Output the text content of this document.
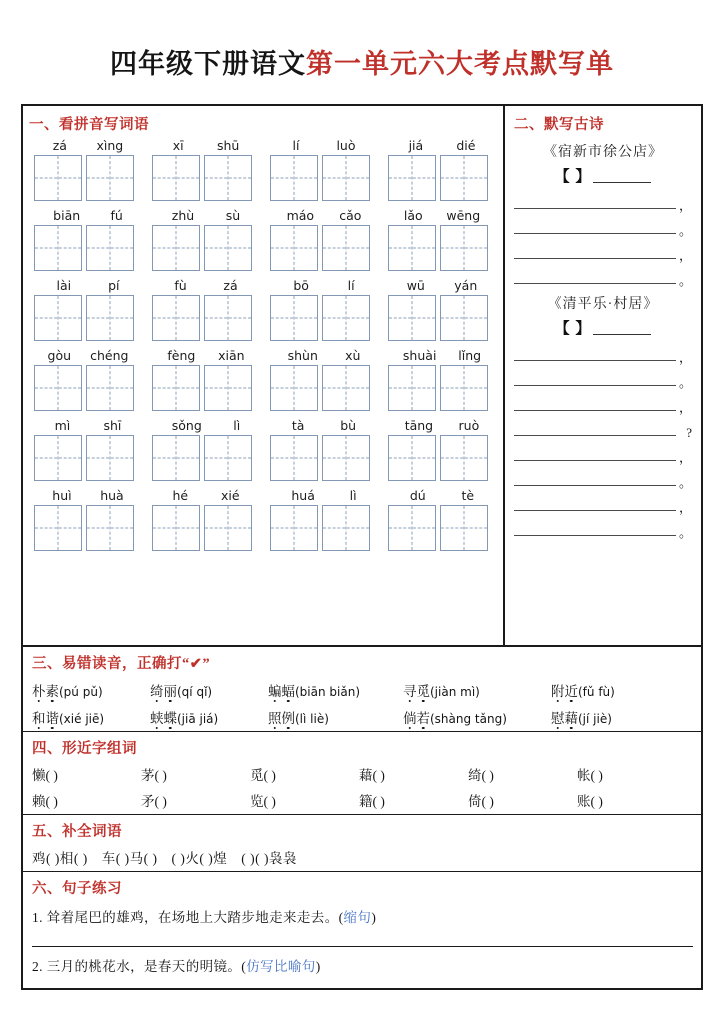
四年级下册语文第一单元六大考点默写单
一、看拼音写词语
zá xìng	xī	shū	lí	luò	jiá	dié
biān fú	zhù	sù	máo cǎo	lǎo wēng
lài	pí	fù	zá	bō	lí	wū yán
gòu chéng	fèng xiān	shùn xù	shuài lǐng
mì	shī	sǒng	lì	tà	bù	tāng ruò
huì huà	hé	xié	huá	lì	dú	tè
二、默写古诗
《宿新市徐公店》
【 】
，
。
，
。
《清平乐·村居》
【 】
，
。
，
?
，
。
，
。
三、易错读音，正确打“✔”
朴素(pú pǔ)	绮丽(qí qǐ)	蝙蝠(biān biǎn)	寻觅(jiàn mì)	附近(fǔ fù)
和谐(xié jiē)	蛱蝶(jiā jiá)	照例(lì liè)	倘若(shàng tǎng)	慰藉(jí jiè)
四、形近字组词
懒( )	茅( )	觅( )	藉( )	绮( )	帐( )
赖( )	矛( )	览( )	籍( )	倚( )	账( )
五、补全词语
鸡( )相( ) 车( )马( ) ( )火( )煌 ( )( )袅袅
六、句子练习
1. 耸着尾巴的雄鸡，在场地上大踏步地走来走去。(缩句)
2. 三月的桃花水，是春天的明镜。(仿写比喻句)
